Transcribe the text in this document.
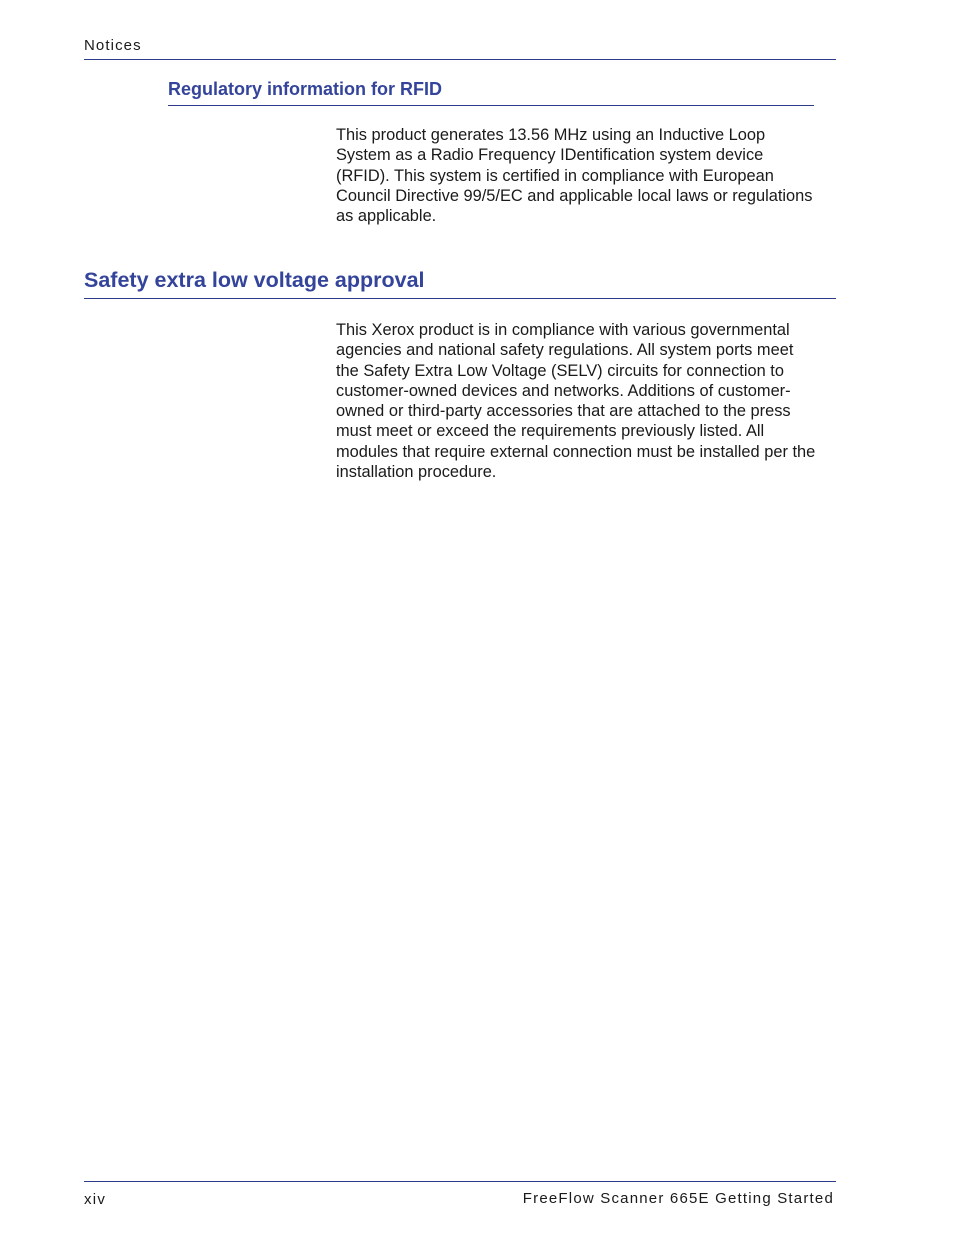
Notices
Regulatory information for RFID
This product generates 13.56 MHz using an Inductive Loop
System as a Radio Frequency IDentification system device
(RFID). This system is certified in compliance with European
Council Directive 99/5/EC and applicable local laws or regulations
as applicable.
Safety extra low voltage approval
This Xerox product is in compliance with various governmental
agencies and national safety regulations. All system ports meet
the Safety Extra Low Voltage (SELV) circuits for connection to
customer-owned devices and networks. Additions of customer-
owned or third-party accessories that are attached to the press
must meet or exceed the requirements previously listed. All
modules that require external connection must be installed per the
installation procedure.
xiv	FreeFlow Scanner 665E Getting Started
